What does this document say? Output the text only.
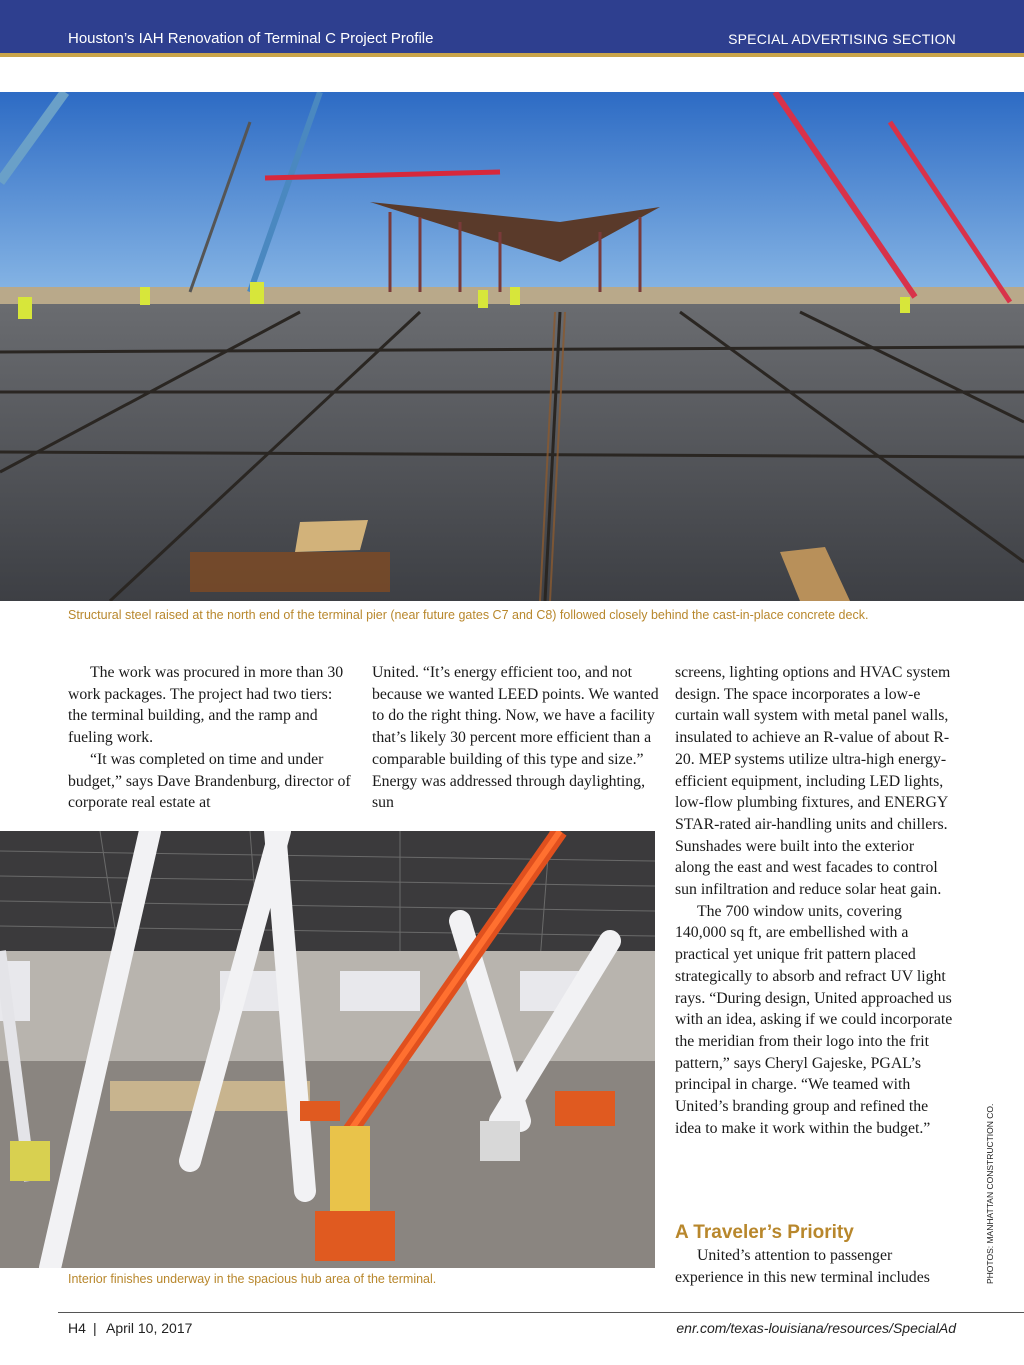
Houston’s IAH Renovation of Terminal C Project Profile	SPECIAL ADVERTISING SECTION
Structural steel raised at the north end of the terminal pier (near future gates C7 and C8) followed closely behind the cast-in-place concrete deck.

The work was procured in more than 30 work packages. The project had two tiers: the terminal building, and the ramp and fueling work.

“It was completed on time and under budget,” says Dave Brandenburg, director of corporate real estate at

United. “It’s energy efficient too, and not because we wanted LEED points. We wanted to do the right thing. Now, we have a facility that’s likely 30 percent more efficient than a comparable building of this type and size.” Energy was addressed through daylighting, sun

screens, lighting options and HVAC system design. The space incorporates a low-e curtain wall system with metal panel walls, insulated to achieve an R-value of about R-20. MEP systems utilize ultra-high energy-efficient equipment, including LED lights, low-flow plumbing fixtures, and ENERGY STAR-rated air-handling units and chillers. Sunshades were built into the exterior along the east and west facades to control sun infiltration and reduce solar heat gain.

The 700 window units, covering 140,000 sq ft, are embellished with a practical yet unique frit pattern placed strategically to absorb and refract UV light rays. “During design, United approached us with an idea, asking if we could incorporate the meridian from their logo into the frit pattern,” says Cheryl Gajeske, PGAL’s principal in charge. “We teamed with United’s branding group and refined the idea to make it work within the budget.”

A Traveler’s Priority

United’s attention to passenger experience in this new terminal includes

Interior finishes underway in the spacious hub area of the terminal.	PHOTOS: MANHATTAN CONSTRUCTION CO.
H4 | April 10, 2017	enr.com/texas-louisiana/resources/SpecialAd
